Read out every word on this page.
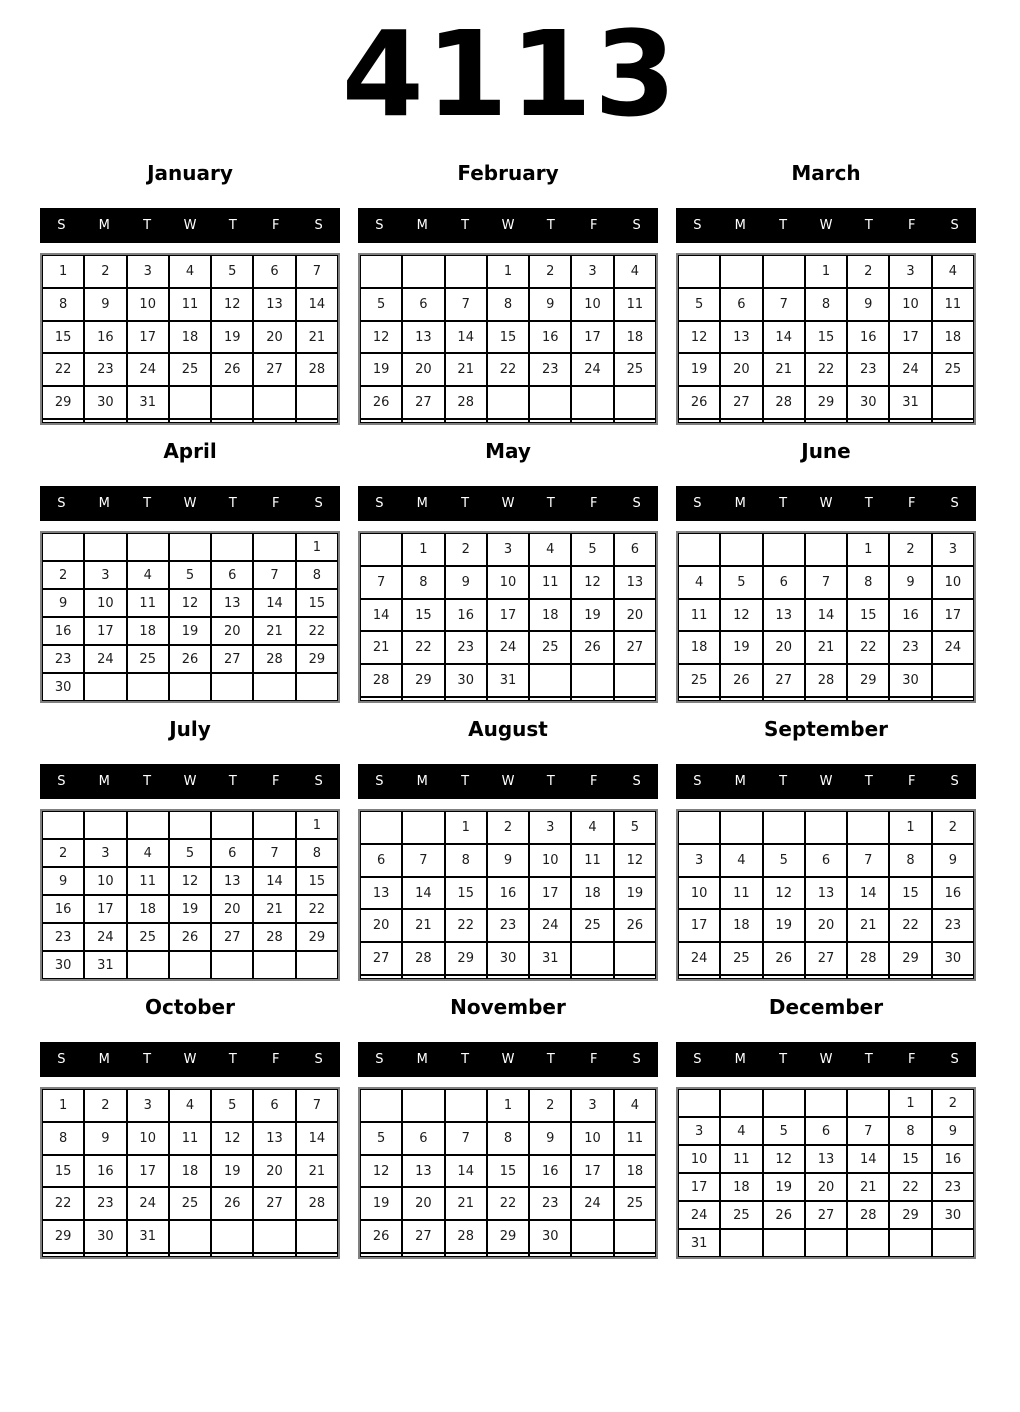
4113
January
S	M	T	W	T	F	S
1	2	3	4	5	6	7
8	9	10	11	12	13	14
15	16	17	18	19	20	21
22	23	24	25	26	27	28
29	30	31				

February
S	M	T	W	T	F	S
			1	2	3	4
5	6	7	8	9	10	11
12	13	14	15	16	17	18
19	20	21	22	23	24	25
26	27	28				

March
S	M	T	W	T	F	S
			1	2	3	4
5	6	7	8	9	10	11
12	13	14	15	16	17	18
19	20	21	22	23	24	25
26	27	28	29	30	31	

April
S	M	T	W	T	F	S
						1
2	3	4	5	6	7	8
9	10	11	12	13	14	15
16	17	18	19	20	21	22
23	24	25	26	27	28	29
30						
May
S	M	T	W	T	F	S
	1	2	3	4	5	6
7	8	9	10	11	12	13
14	15	16	17	18	19	20
21	22	23	24	25	26	27
28	29	30	31			

June
S	M	T	W	T	F	S
				1	2	3
4	5	6	7	8	9	10
11	12	13	14	15	16	17
18	19	20	21	22	23	24
25	26	27	28	29	30	

July
S	M	T	W	T	F	S
						1
2	3	4	5	6	7	8
9	10	11	12	13	14	15
16	17	18	19	20	21	22
23	24	25	26	27	28	29
30	31					
August
S	M	T	W	T	F	S
		1	2	3	4	5
6	7	8	9	10	11	12
13	14	15	16	17	18	19
20	21	22	23	24	25	26
27	28	29	30	31		

September
S	M	T	W	T	F	S
					1	2
3	4	5	6	7	8	9
10	11	12	13	14	15	16
17	18	19	20	21	22	23
24	25	26	27	28	29	30

October
S	M	T	W	T	F	S
1	2	3	4	5	6	7
8	9	10	11	12	13	14
15	16	17	18	19	20	21
22	23	24	25	26	27	28
29	30	31				

November
S	M	T	W	T	F	S
			1	2	3	4
5	6	7	8	9	10	11
12	13	14	15	16	17	18
19	20	21	22	23	24	25
26	27	28	29	30		

December
S	M	T	W	T	F	S
					1	2
3	4	5	6	7	8	9
10	11	12	13	14	15	16
17	18	19	20	21	22	23
24	25	26	27	28	29	30
31						
